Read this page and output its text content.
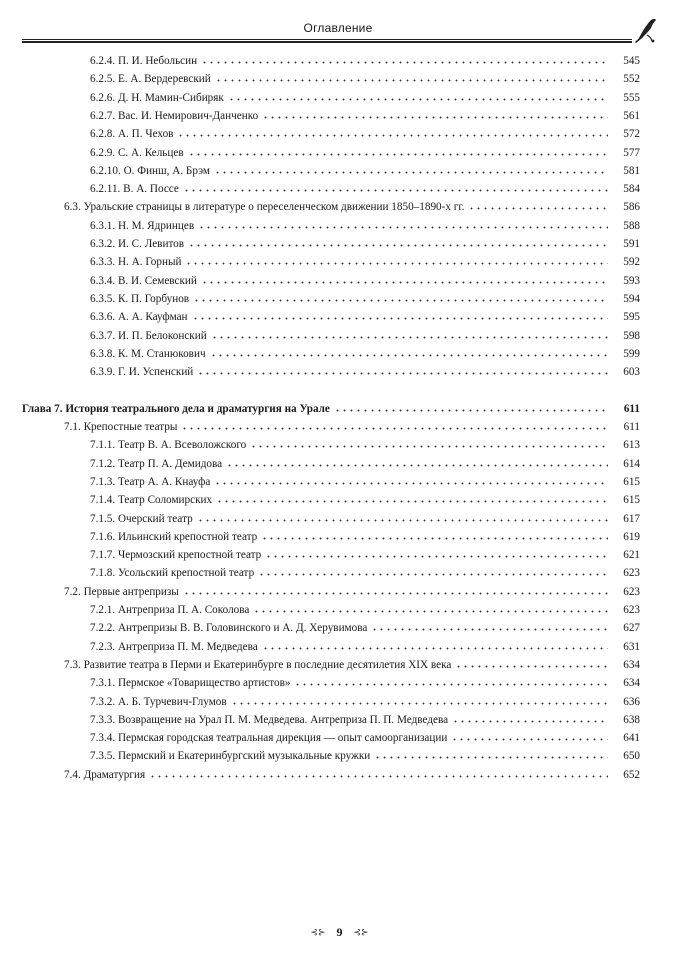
Оглавление
6.2.4. П. И. Небольсин	545
6.2.5. Е. А. Вердеревский	552
6.2.6. Д. Н. Мамин-Сибиряк	555
6.2.7. Вас. И. Немирович-Данченко	561
6.2.8. А. П. Чехов	572
6.2.9. С. А. Кельцев	577
6.2.10. О. Финш, А. Брэм	581
6.2.11. В. А. Поссе	584
6.3. Уральские страницы в литературе о переселенческом движении 1850–1890-х гг.	586
6.3.1. Н. М. Ядринцев	588
6.3.2. И. С. Левитов	591
6.3.3. Н. А. Горный	592
6.3.4. В. И. Семевский	593
6.3.5. К. П. Горбунов	594
6.3.6. А. А. Кауфман	595
6.3.7. И. П. Белоконский	598
6.3.8. К. М. Станюкович	599
6.3.9. Г. И. Успенский	603
Глава 7. История театрального дела и драматургия на Урале	611
7.1. Крепостные театры	611
7.1.1. Театр В. А. Всеволожского	613
7.1.2. Театр П. А. Демидова	614
7.1.3. Театр А. А. Кнауфа	615
7.1.4. Театр Соломирских	615
7.1.5. Очерский театр	617
7.1.6. Ильинский крепостной театр	619
7.1.7. Чермозский крепостной театр	621
7.1.8. Усольский крепостной театр	623
7.2. Первые антрепризы	623
7.2.1. Антреприза П. А. Соколова	623
7.2.2. Антрепризы В. В. Головинского и А. Д. Херувимова	627
7.2.3. Антреприза П. М. Медведева	631
7.3. Развитие театра в Перми и Екатеринбурге в последние десятилетия XIX века	634
7.3.1. Пермское «Товарищество артистов»	634
7.3.2. А. Б. Турчевич-Глумов	636
7.3.3. Возвращение на Урал П. М. Медведева. Антреприза П. П. Медведева	638
7.3.4. Пермская городская театральная дирекция — опыт самоорганизации	641
7.3.5. Пермский и Екатеринбургский музыкальные кружки	650
7.4. Драматургия	652
⊰⊱ 9 ⊰⊱
